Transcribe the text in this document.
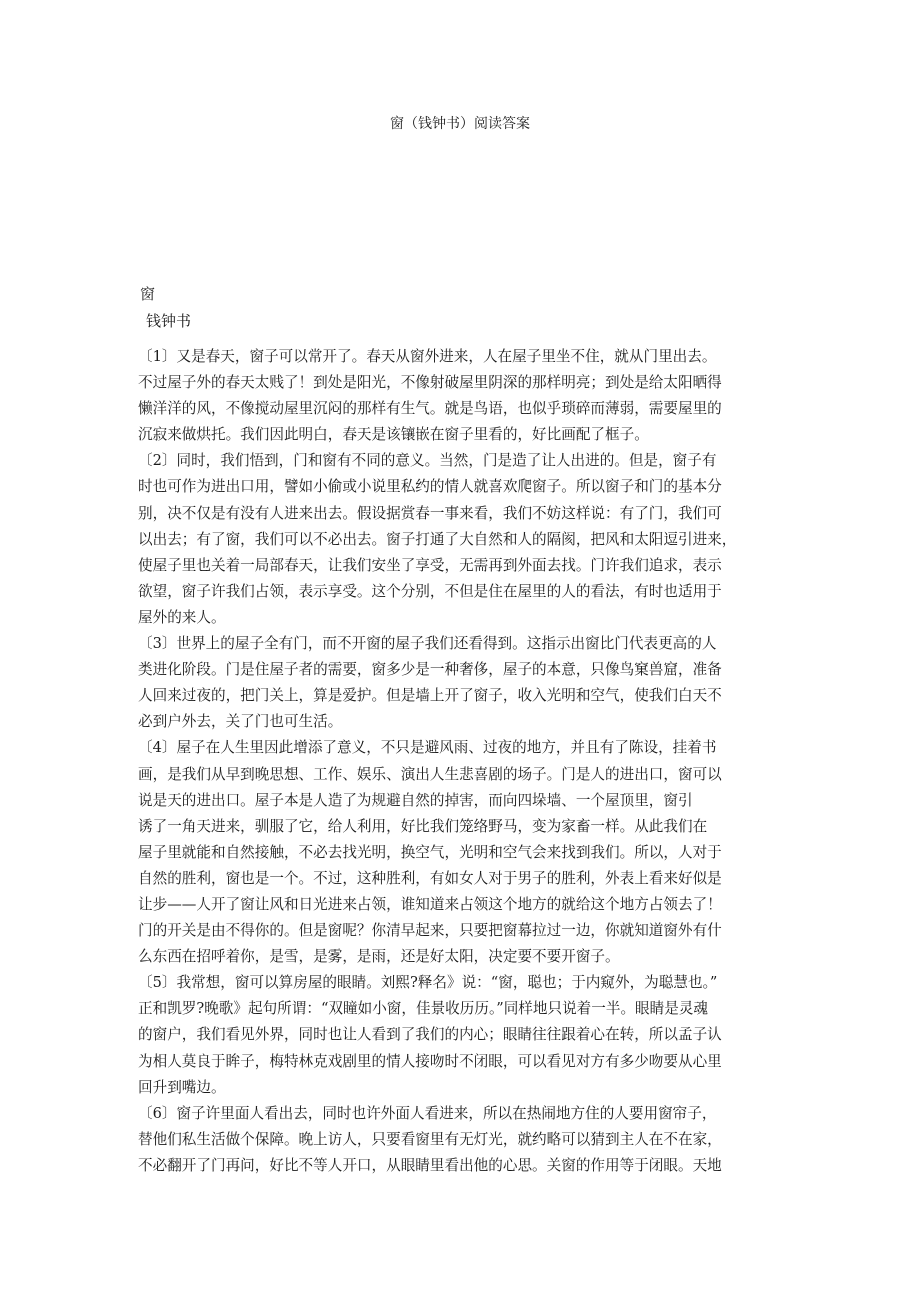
窗（钱钟书）阅读答案
窗
钱钟书
〔1〕又是春天，窗子可以常开了。春天从窗外进来，人在屋子里坐不住，就从门里出去。
不过屋子外的春天太贱了！到处是阳光，不像射破屋里阴深的那样明亮；到处是给太阳晒得
懒洋洋的风，不像搅动屋里沉闷的那样有生气。就是鸟语，也似乎琐碎而薄弱，需要屋里的
沉寂来做烘托。我们因此明白，春天是该镶嵌在窗子里看的，好比画配了框子。
〔2〕同时，我们悟到，门和窗有不同的意义。当然，门是造了让人出进的。但是，窗子有
时也可作为进出口用，譬如小偷或小说里私约的情人就喜欢爬窗子。所以窗子和门的基本分
别，决不仅是有没有人进来出去。假设据赏春一事来看，我们不妨这样说：有了门，我们可
以出去；有了窗，我们可以不必出去。窗子打通了大自然和人的隔阂，把风和太阳逗引进来，
使屋子里也关着一局部春天，让我们安坐了享受，无需再到外面去找。门许我们追求，表示
欲望，窗子许我们占领，表示享受。这个分别，不但是住在屋里的人的看法，有时也适用于
屋外的来人。
〔3〕世界上的屋子全有门，而不开窗的屋子我们还看得到。这指示出窗比门代表更高的人
类进化阶段。门是住屋子者的需要，窗多少是一种奢侈，屋子的本意，只像鸟窠兽窟，准备
人回来过夜的，把门关上，算是爱护。但是墙上开了窗子，收入光明和空气，使我们白天不
必到户外去，关了门也可生活。
〔4〕屋子在人生里因此增添了意义，不只是避风雨、过夜的地方，并且有了陈设，挂着书
画，是我们从早到晚思想、工作、娱乐、演出人生悲喜剧的场子。门是人的进出口，窗可以
说是天的进出口。屋子本是人造了为规避自然的掉害，而向四垛墙、一个屋顶里，窗引
诱了一角天进来，驯服了它，给人利用，好比我们笼络野马，变为家畜一样。从此我们在
屋子里就能和自然接触，不必去找光明，换空气，光明和空气会来找到我们。所以，人对于
自然的胜利，窗也是一个。不过，这种胜利，有如女人对于男子的胜利，外表上看来好似是
让步——人开了窗让风和日光进来占领，谁知道来占领这个地方的就给这个地方占领去了！
门的开关是由不得你的。但是窗呢？你清早起来，只要把窗幕拉过一边，你就知道窗外有什
么东西在招呼着你，是雪，是雾，是雨，还是好太阳，决定要不要开窗子。
〔5〕我常想，窗可以算房屋的眼睛。刘熙?释名》说：“窗，聪也；于内窥外，为聪慧也。”
正和凯罗?晚歌》起句所谓：“双瞳如小窗，佳景收历历。”同样地只说着一半。眼睛是灵魂
的窗户，我们看见外界，同时也让人看到了我们的内心；眼睛往往跟着心在转，所以孟子认
为相人莫良于眸子，梅特林克戏剧里的情人接吻时不闭眼，可以看见对方有多少吻要从心里
回升到嘴边。
〔6〕窗子许里面人看出去，同时也许外面人看进来，所以在热闹地方住的人要用窗帘子，
替他们私生活做个保障。晚上访人，只要看窗里有无灯光，就约略可以猜到主人在不在家，
不必翻开了门再问，好比不等人开口，从眼睛里看出他的心思。关窗的作用等于闭眼。天地
